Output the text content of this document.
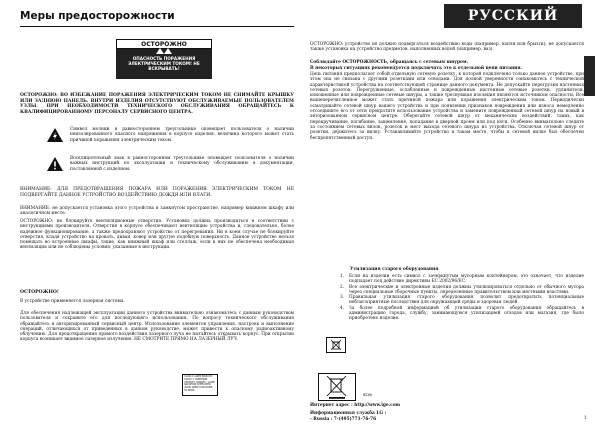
Меры предосторожности	РУССКИЙ
ОСТОРОЖНО
ОПАСНОСТЬ ПОРАЖЕНИЯ ЭЛЕКТРИЧЕСКИМ ТОКОМ! НЕ ВСКРЫВАТЬ!

ОСТОРОЖНО: ВО ИЗБЕЖАНИЕ ПОРАЖЕНИЯ ЭЛЕКТРИЧЕСКИМ ТОКОМ НЕ СНИМАЙТЕ КРЫШКУ ИЛИ ЗАДНЮЮ ПАНЕЛЬ. ВНУТРИ ИЗДЕЛИЯ ОТСУТСТВУЮТ ОБСЛУЖИВАЕМЫЕ ПОЛЬЗОВАТЕЛЕМ УЗЛЫ. ПРИ НЕОБХОДИМОСТИ ТЕХНИЧЕСКОГО ОБСЛУЖИВАНИЯ ОБРАЩАЙТЕСЬ К КВАЛИФИЦИРОВАННОМУ ПЕРСОНАЛУ СЕРВИСНОГО ЦЕНТРА.

Символ молнии в равностороннем треугольнике оповещает пользователя о наличии неизолированного опасного напряжения в корпусе изделия, величина которого может стать причиной поражения электрическим током.

Восклицательный знак в равностороннем треугольнике оповещает пользователя о наличии важных инструкций по эксплуатации и техническому обслуживанию в документации, поставляемой с изделием.

ВНИМАНИЕ: ДЛЯ ПРЕДОТВРАЩЕНИЯ ПОЖАРА ИЛИ ПОРАЖЕНИЯ ЭЛЕКТРИЧЕСКИМ ТОКОМ НЕ ПОДВЕРГАЙТЕ ДАННОЕ УСТРОЙСТВО ВОЗДЕЙСТВИЮ ДОЖДЯ ИЛИ ВЛАГИ.

ВНИМАНИЕ: не допускается установка этого устройства в замкнутом пространстве, например книжном шкафу или аналогичном месте.

ОСТОРОЖНО: не блокируйте вентиляционные отверстия. Установка должна производиться в соответствии с инструкциями производителя. Отверстия в корпусе обеспечивают вентиляцию устройства и, следовательно, более надежное функционирование, а также предохраняют устройство от перегревания. Ни в коем случае не блокируйте отверстия, кладя устройство на кровать, диван, ковер или другую подобную поверхность. Данное устройство нельзя помещать во встроенные шкафы, такие, как книжный шкаф или стеллаж, если в них не обеспечена необходимая вентиляция или не соблюдены условия, указанные в инструкции.

ОСТОРОЖНО!

В устройстве применяется лазерная система.

CLASS 1 LASER PRODUCT. КЛАСС 1 ЛАЗЕРНЫЙ ПРОДУКТ. DANGER - LASER RADIATION WHEN OPEN. AVOID DIRECT EXPOSURE TO BEAM.

Для обеспечения надлежащей эксплуатации данного устройства внимательно ознакомьтесь с данным руководством пользователя и сохраните его для последующего использования. По вопросу технического обслуживания обращайтесь в авторизированный сервисный центр. Использование элементов управления, настроек и выполнение операций, отличающихся от приведенных в данном руководстве, может привести к опасному радиоактивному облучению. Для предотвращения прямого воздействия лазерного луча не пытайтесь открывать корпус. При открытии корпуса возникает видимое лазерное излучение. НЕ СМОТРИТЕ ПРЯМО НА ЛАЗЕРНЫЙ ЛУЧ.

ОСТОРОЖНО: устройство не должно подвергаться воздействию воды (например, капли или брызги); не допускается также установка на устройство предметов, наполненных водой (например, ваз).

Соблюдайте ОСТОРОЖНОСТЬ, обращаясь с сетевым шнуром.

В некоторых ситуациях рекомендуется подключать это к отдельной цепи питания.

Цепь питания предполагает собой отдельную сетевую розетку, к которой подключено только данное устройство, при этом она не связана с другими розетками или отводами. Для полной уверенности ознакомьтесь с технической характеристикой устройства на соответствующей странице данного документа. Не допускайте перегрузки настенных сетевых розеток. Перегруженные, ослабленные и поврежденные настенные сетевые розетки, удлинители, изношенные или поврежденные сетевые шнуры, а также треснувшая изоляция являются источником опасности. Все вышеперечисленное может стать причиной пожара или поражения электрическим током. Периодически осматривайте сетевой шнур вашего устройства и при появлении признаков повреждения или износа немедленно отсоедините его от сети прекратите использование устройства и замените поврежденный сетевой шнур на новый в авторизованном сервисном центре. Оберегайте сетевой шнур от механических воздействий, таких, как перекручивание, изгибание, защемление, попадание в дверной проем или под ноги. Особенно внимательно следите за состоянием сетевых вилок, розеток и мест выхода сетевого шнура из устройства. Отключая сетевой шнур от розетки, держитесь за вилку. Устанавливайте устройство в таком месте, чтобы к сетевой вилке был обеспечен беспрепятственный доступ.

Утилизация старого оборудования

1. Если на изделии есть символ с зачеркнутым мусорным контейнером, это означает, что изделие подпадает под действие директивы ЕС 2002/96/EC.
2. Все электрические и электронные изделия должны утилизироваться отдельно от обычного мусора через специальные сборочные пункты, определенные правительством или местными властями.
3. Правильная утилизация старого оборудования позволит предотвратить потенциальные неблагоприятные последствия для окружающей среды и здоровья людей.
4. За более подробной информацией об утилизации старого оборудования обращайтесь в администрацию города, службу, занимающуюся утилизацией отходов или магазин, где было приобретено изделие.

BZ68

Интернет адрес : http://www.lge.com

Информационная служба LG :

- Russia : 7-(495)771-76-76	1
